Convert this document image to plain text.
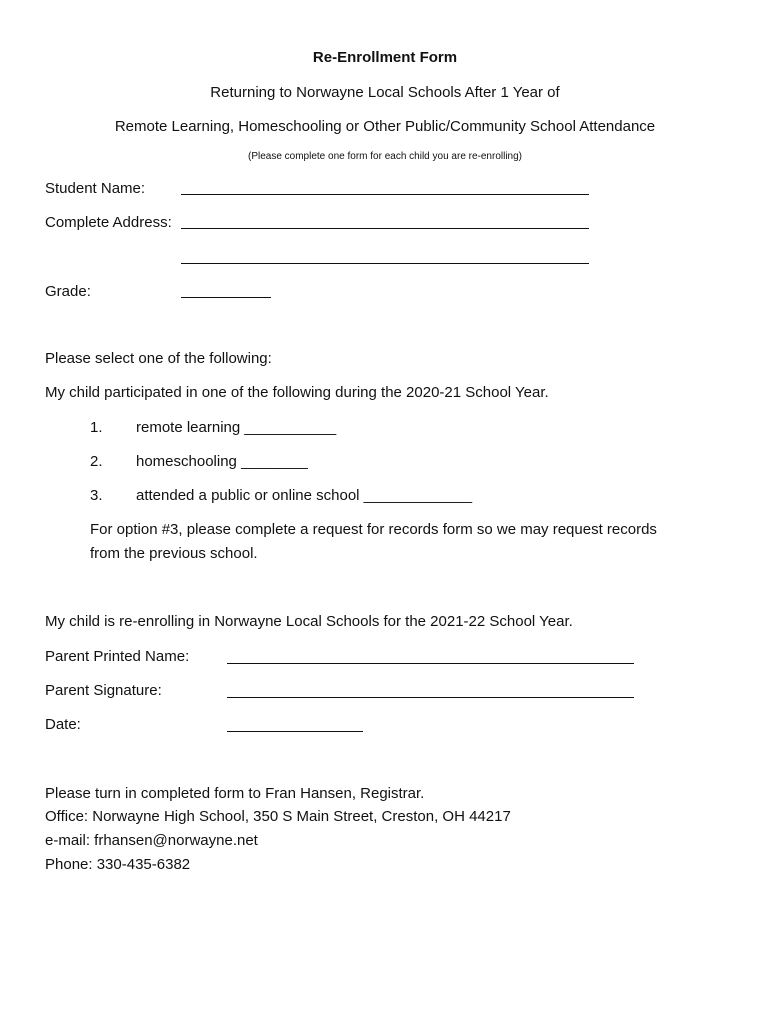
Re-Enrollment Form
Returning to Norwayne Local Schools After 1 Year of
Remote Learning, Homeschooling or Other Public/Community School Attendance
(Please complete one form for each child you are re-enrolling)
Student Name:
Complete Address:
Grade:
Please select one of the following:
My child participated in one of the following during the 2020-21 School Year.
1. remote learning ___________
2. homeschooling ________
3. attended a public or online school _____________
For option #3, please complete a request for records form so we may request records
from the previous school.
My child is re-enrolling in Norwayne Local Schools for the 2021-22 School Year.
Parent Printed Name:
Parent Signature:
Date:
Please turn in completed form to Fran Hansen, Registrar.
Office: Norwayne High School, 350 S Main Street, Creston, OH 44217
e-mail: frhansen@norwayne.net
Phone: 330-435-6382
